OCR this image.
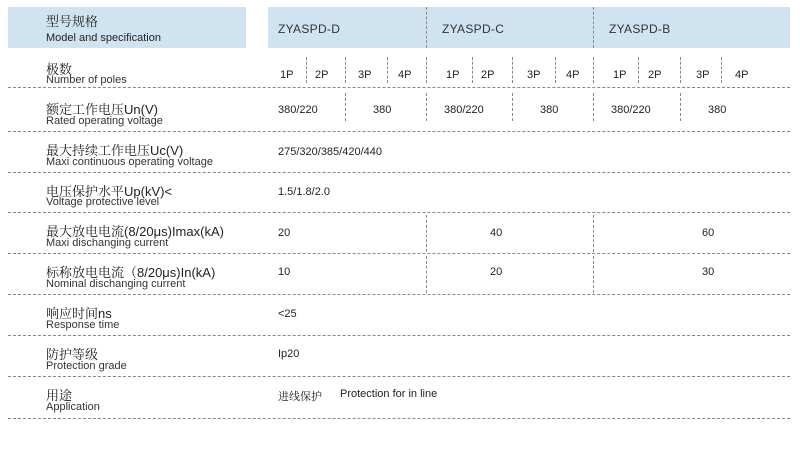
型号规格
Model and specification
ZYASPD-D	ZYASPD-C	ZYASPD-B
极数
Number of poles	1P 2P	3P 4P	1P 2P	3P 4P	1P 2P	3P 4P
额定工作电压Un(V)
Rated operating voltage
380/220	380	380/220	380	380/220	380
最大持续工作电压Uc(V)
Maxi continuous operating voltage
275/320/385/420/440
电压保护水平Up(kV)<
Voltage protective level
1.5/1.8/2.0
最大放电电流(8/20μs)Imax(kA)
Maxi dischanging current
20	40	60
标称放电电流（8/20μs)In(kA)
Nominal dischanging current
10	20	30
响应时间ns
Response time
<25
防护等级
Protection grade
Ip20
用途
Application
进线保护 Protection for in line
